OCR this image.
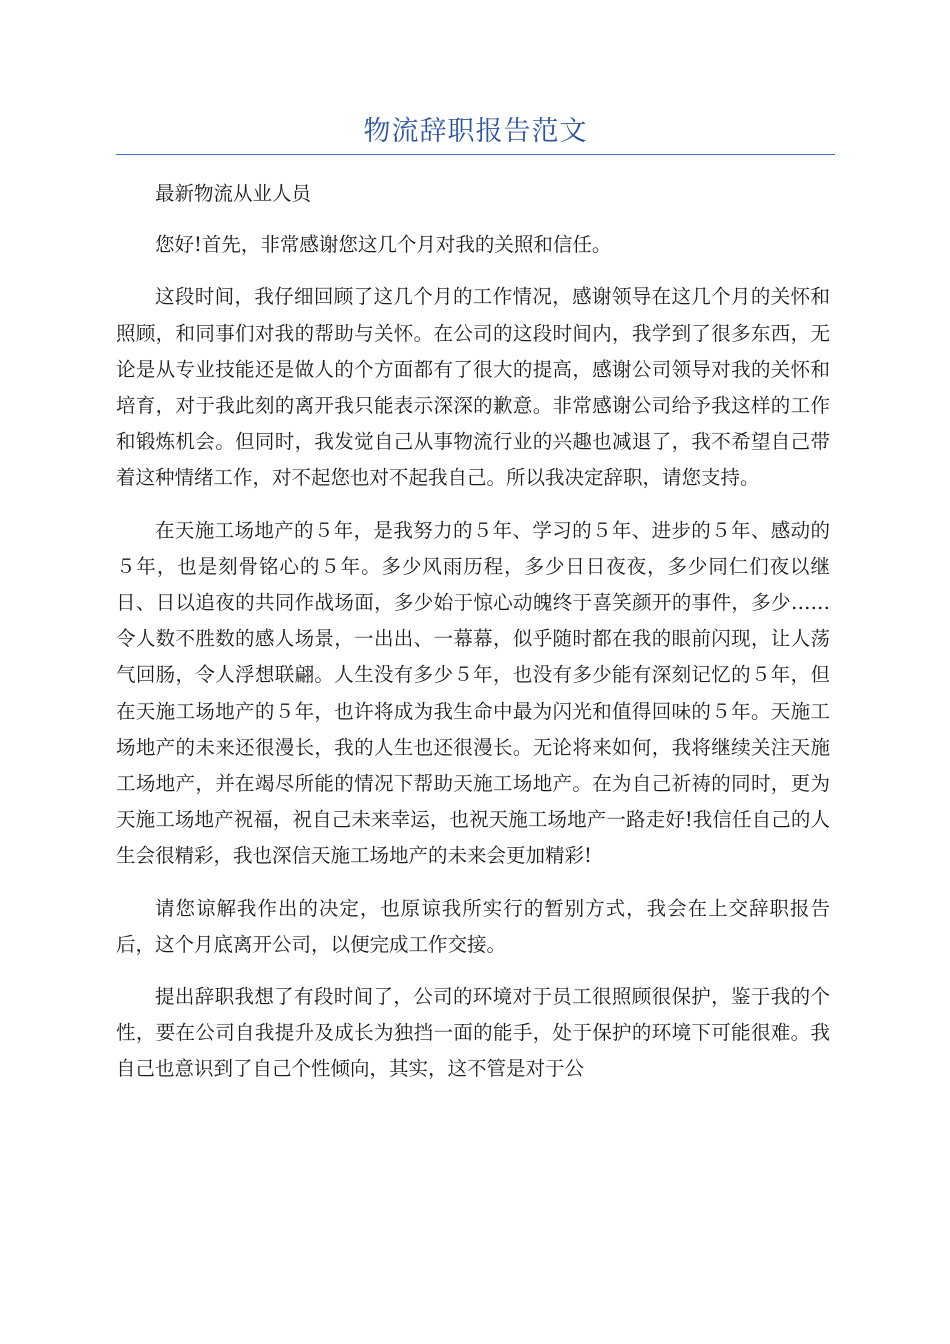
物流辞职报告范文

最新物流从业人员

您好!首先，非常感谢您这几个月对我的关照和信任。

这段时间，我仔细回顾了这几个月的工作情况，感谢领导在这几个月的关怀和照顾，和同事们对我的帮助与关怀。在公司的这段时间内，我学到了很多东西，无论是从专业技能还是做人的个方面都有了很大的提高，感谢公司领导对我的关怀和培育，对于我此刻的离开我只能表示深深的歉意。非常感谢公司给予我这样的工作和锻炼机会。但同时，我发觉自己从事物流行业的兴趣也减退了，我不希望自己带着这种情绪工作，对不起您也对不起我自己。所以我决定辞职，请您支持。

在天施工场地产的５年，是我努力的５年、学习的５年、进步的５年、感动的５年，也是刻骨铭心的５年。多少风雨历程，多少日日夜夜，多少同仁们夜以继日、日以追夜的共同作战场面，多少始于惊心动魄终于喜笑颜开的事件，多少……令人数不胜数的感人场景，一出出、一幕幕，似乎随时都在我的眼前闪现，让人荡气回肠，令人浮想联翩。人生没有多少５年，也没有多少能有深刻记忆的５年，但在天施工场地产的５年，也许将成为我生命中最为闪光和值得回味的５年。天施工场地产的未来还很漫长，我的人生也还很漫长。无论将来如何，我将继续关注天施工场地产，并在竭尽所能的情况下帮助天施工场地产。在为自己祈祷的同时，更为天施工场地产祝福，祝自己未来幸运，也祝天施工场地产一路走好!我信任自己的人生会很精彩，我也深信天施工场地产的未来会更加精彩!

请您谅解我作出的决定，也原谅我所实行的暂别方式，我会在上交辞职报告后，这个月底离开公司，以便完成工作交接。

提出辞职我想了有段时间了，公司的环境对于员工很照顾很保护，鉴于我的个性，要在公司自我提升及成长为独挡一面的能手，处于保护的环境下可能很难。我自己也意识到了自己个性倾向，其实，这不管是对于公
